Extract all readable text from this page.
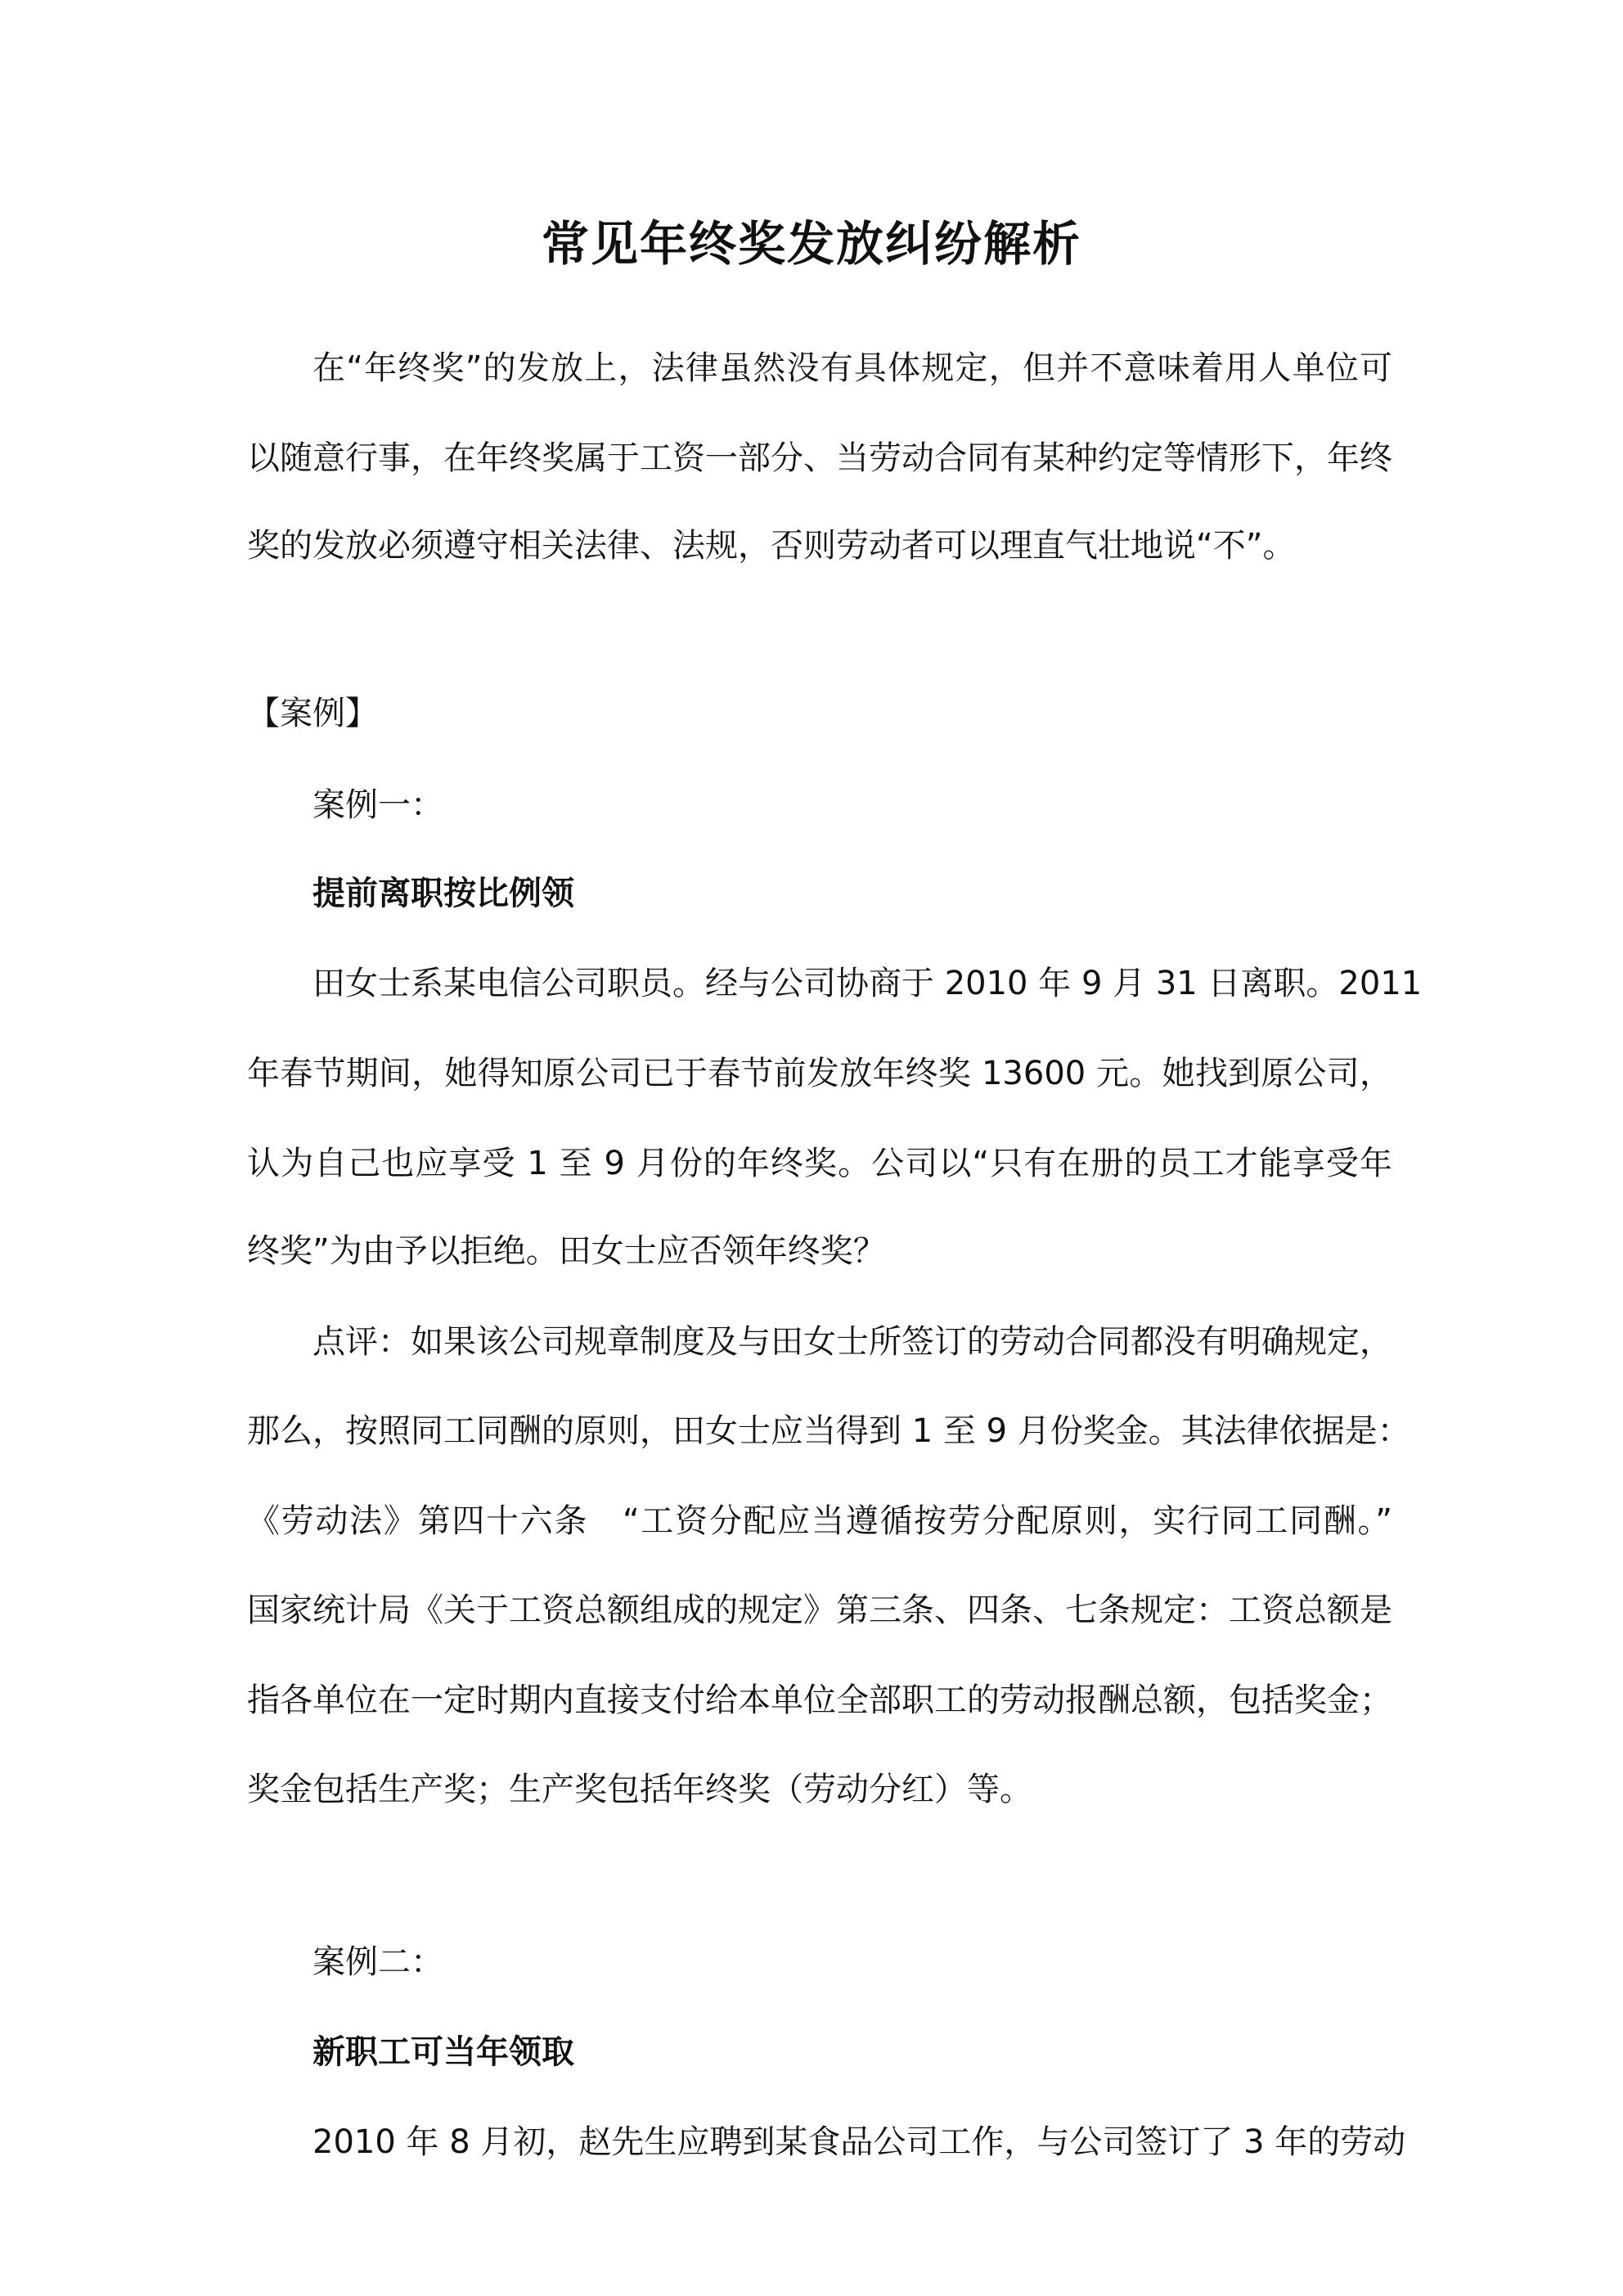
常见年终奖发放纠纷解析

在“年终奖”的发放上，法律虽然没有具体规定，但并不意味着用人单位可

以随意行事，在年终奖属于工资一部分、当劳动合同有某种约定等情形下，年终

奖的发放必须遵守相关法律、法规，否则劳动者可以理直气壮地说“不”。

【案例】

案例一：

提前离职按比例领

田女士系某电信公司职员。经与公司协商于 2010 年 9 月 31 日离职。2011

年春节期间，她得知原公司已于春节前发放年终奖 13600 元。她找到原公司，

认为自己也应享受 1 至 9 月份的年终奖。公司以“只有在册的员工才能享受年

终奖”为由予以拒绝。田女士应否领年终奖？

点评：如果该公司规章制度及与田女士所签订的劳动合同都没有明确规定，

那么，按照同工同酬的原则，田女士应当得到 1 至 9 月份奖金。其法律依据是：

《劳动法》第四十六条　“工资分配应当遵循按劳分配原则，实行同工同酬。”

国家统计局《关于工资总额组成的规定》第三条、四条、七条规定：工资总额是

指各单位在一定时期内直接支付给本单位全部职工的劳动报酬总额，包括奖金；

奖金包括生产奖；生产奖包括年终奖（劳动分红）等。

案例二：

新职工可当年领取

2010 年 8 月初，赵先生应聘到某食品公司工作，与公司签订了 3 年的劳动
